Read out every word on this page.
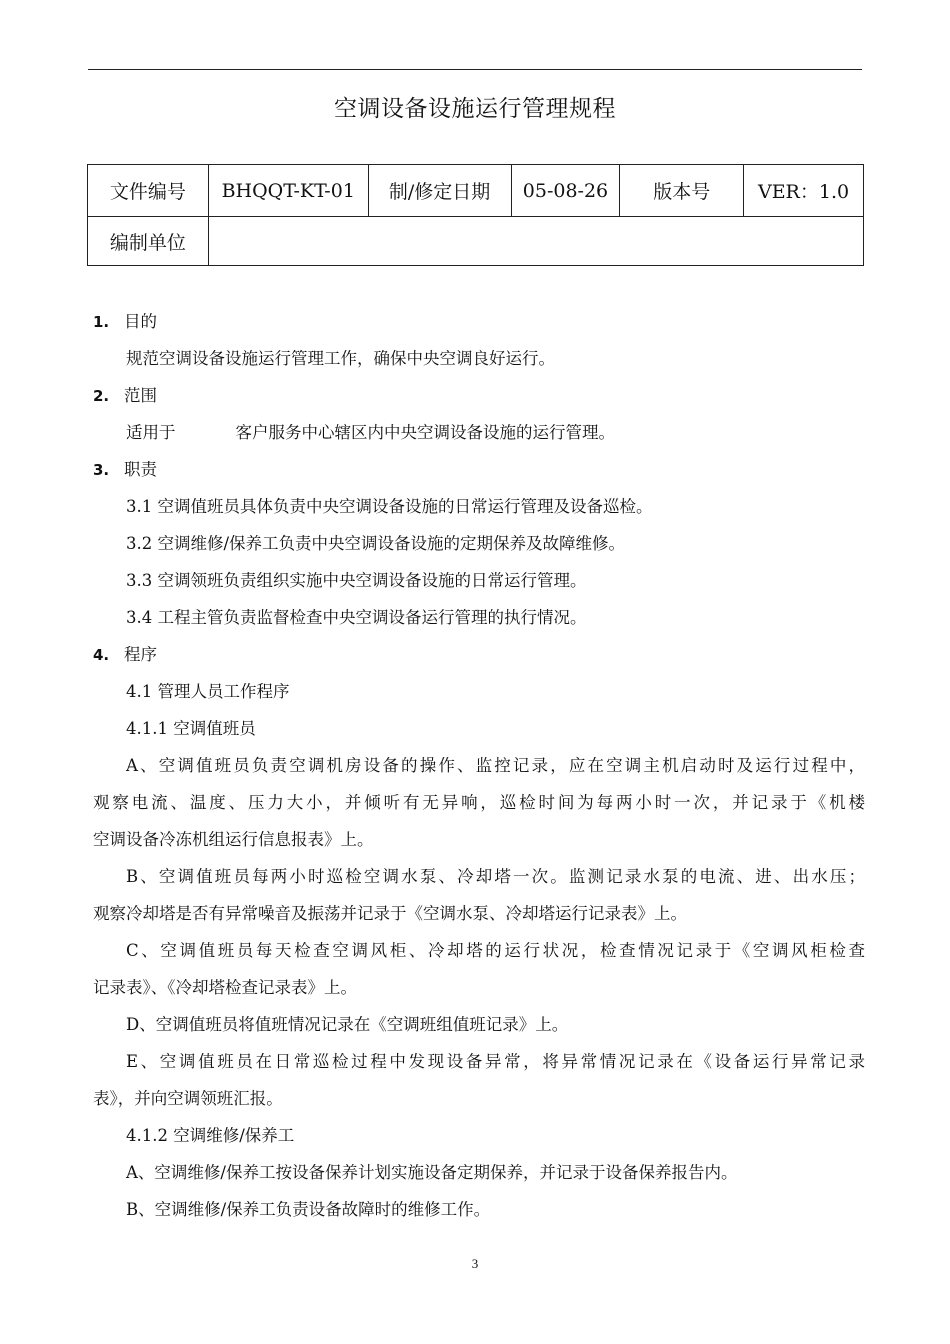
空调设备设施运行管理规程
文件编号	BHQQT-KT-01	制/修定日期	05-08-26	版本号	VER：1.0
编制单位					
1. 目的
规范空调设备设施运行管理工作，确保中央空调良好运行。
2. 范围
适用于	客户服务中心辖区内中央空调设备设施的运行管理。
3. 职责
3.1 空调值班员具体负责中央空调设备设施的日常运行管理及设备巡检。
3.2 空调维修/保养工负责中央空调设备设施的定期保养及故障维修。
3.3 空调领班负责组织实施中央空调设备设施的日常运行管理。
3.4 工程主管负责监督检查中央空调设备运行管理的执行情况。
4. 程序
4.1 管理人员工作程序
4.1.1 空调值班员
A、空调值班员负责空调机房设备的操作、监控记录，应在空调主机启动时及运行过程中，
观察电流、温度、压力大小，并倾听有无异响，巡检时间为每两小时一次，并记录于《机楼
空调设备冷冻机组运行信息报表》上。
B、空调值班员每两小时巡检空调水泵、冷却塔一次。监测记录水泵的电流、进、出水压；
观察冷却塔是否有异常噪音及振荡并记录于《空调水泵、冷却塔运行记录表》上。
C、空调值班员每天检查空调风柜、冷却塔的运行状况，检查情况记录于《空调风柜检查
记录表》、《冷却塔检查记录表》上。
D、空调值班员将值班情况记录在《空调班组值班记录》上。
E、空调值班员在日常巡检过程中发现设备异常，将异常情况记录在《设备运行异常记录
表》，并向空调领班汇报。
4.1.2 空调维修/保养工
A、空调维修/保养工按设备保养计划实施设备定期保养，并记录于设备保养报告内。
B、空调维修/保养工负责设备故障时的维修工作。
3
